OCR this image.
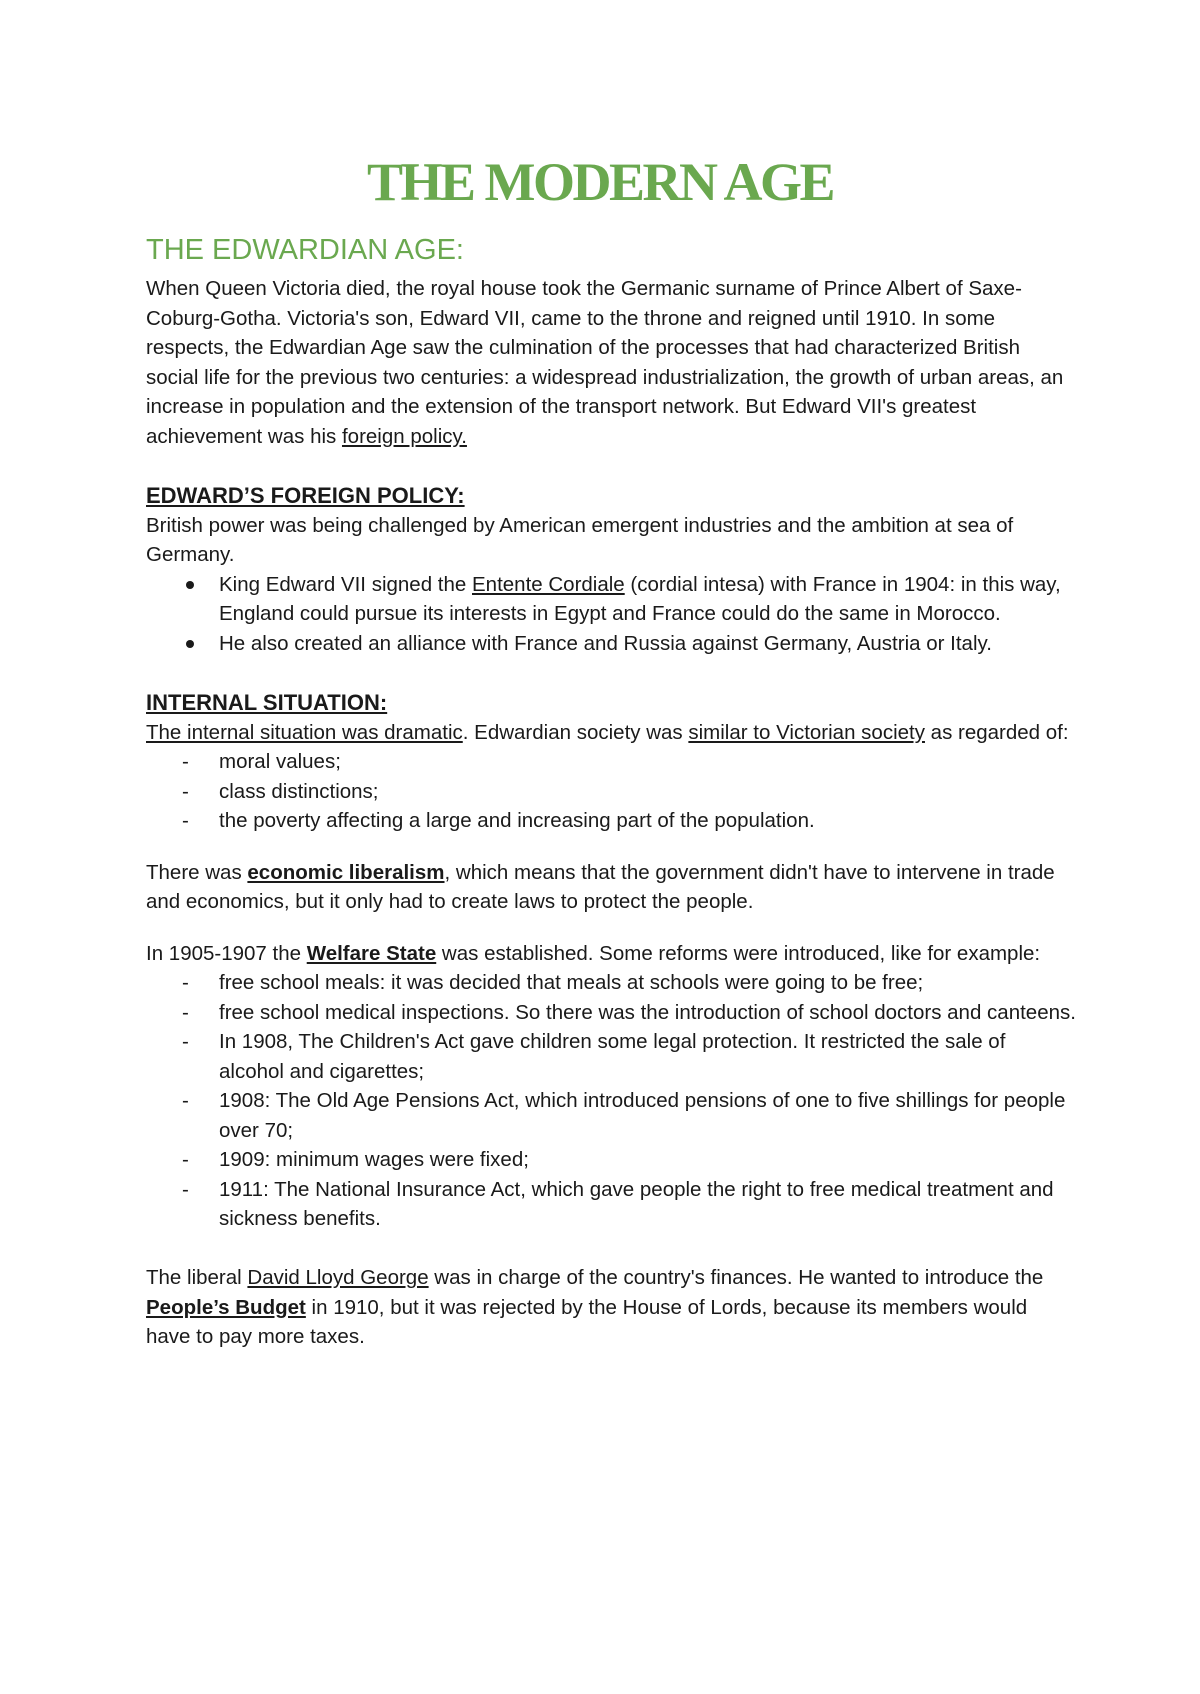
THE MODERN AGE
THE EDWARDIAN AGE:

When Queen Victoria died, the royal house took the Germanic surname of Prince Albert of Saxe-Coburg-Gotha. Victoria's son, Edward VII, came to the throne and reigned until 1910. In some respects, the Edwardian Age saw the culmination of the processes that had characterized British social life for the previous two centuries: a widespread industrialization, the growth of urban areas, an increase in population and the extension of the transport network. But Edward VII's greatest achievement was his foreign policy.

EDWARD’S FOREIGN POLICY:

British power was being challenged by American emergent industries and the ambition at sea of Germany.

King Edward VII signed the Entente Cordiale (cordial intesa) with France in 1904: in this way, England could pursue its interests in Egypt and France could do the same in Morocco.
He also created an alliance with France and Russia against Germany, Austria or Italy.
INTERNAL SITUATION:

The internal situation was dramatic. Edwardian society was similar to Victorian society as regarded of:

- moral values;
- class distinctions;
- the poverty affecting a large and increasing part of the population.

There was economic liberalism, which means that the government didn't have to intervene in trade and economics, but it only had to create laws to protect the people.

In 1905-1907 the Welfare State was established. Some reforms were introduced, like for example:

- free school meals: it was decided that meals at schools were going to be free;
- free school medical inspections. So there was the introduction of school doctors and canteens.
- In 1908, The Children's Act gave children some legal protection. It restricted the sale of alcohol and cigarettes;
- 1908: The Old Age Pensions Act, which introduced pensions of one to five shillings for people over 70;
- 1909: minimum wages were fixed;
- 1911: The National Insurance Act, which gave people the right to free medical treatment and sickness benefits.

The liberal David Lloyd George was in charge of the country's finances. He wanted to introduce the People’s Budget in 1910, but it was rejected by the House of Lords, because its members would have to pay more taxes.
